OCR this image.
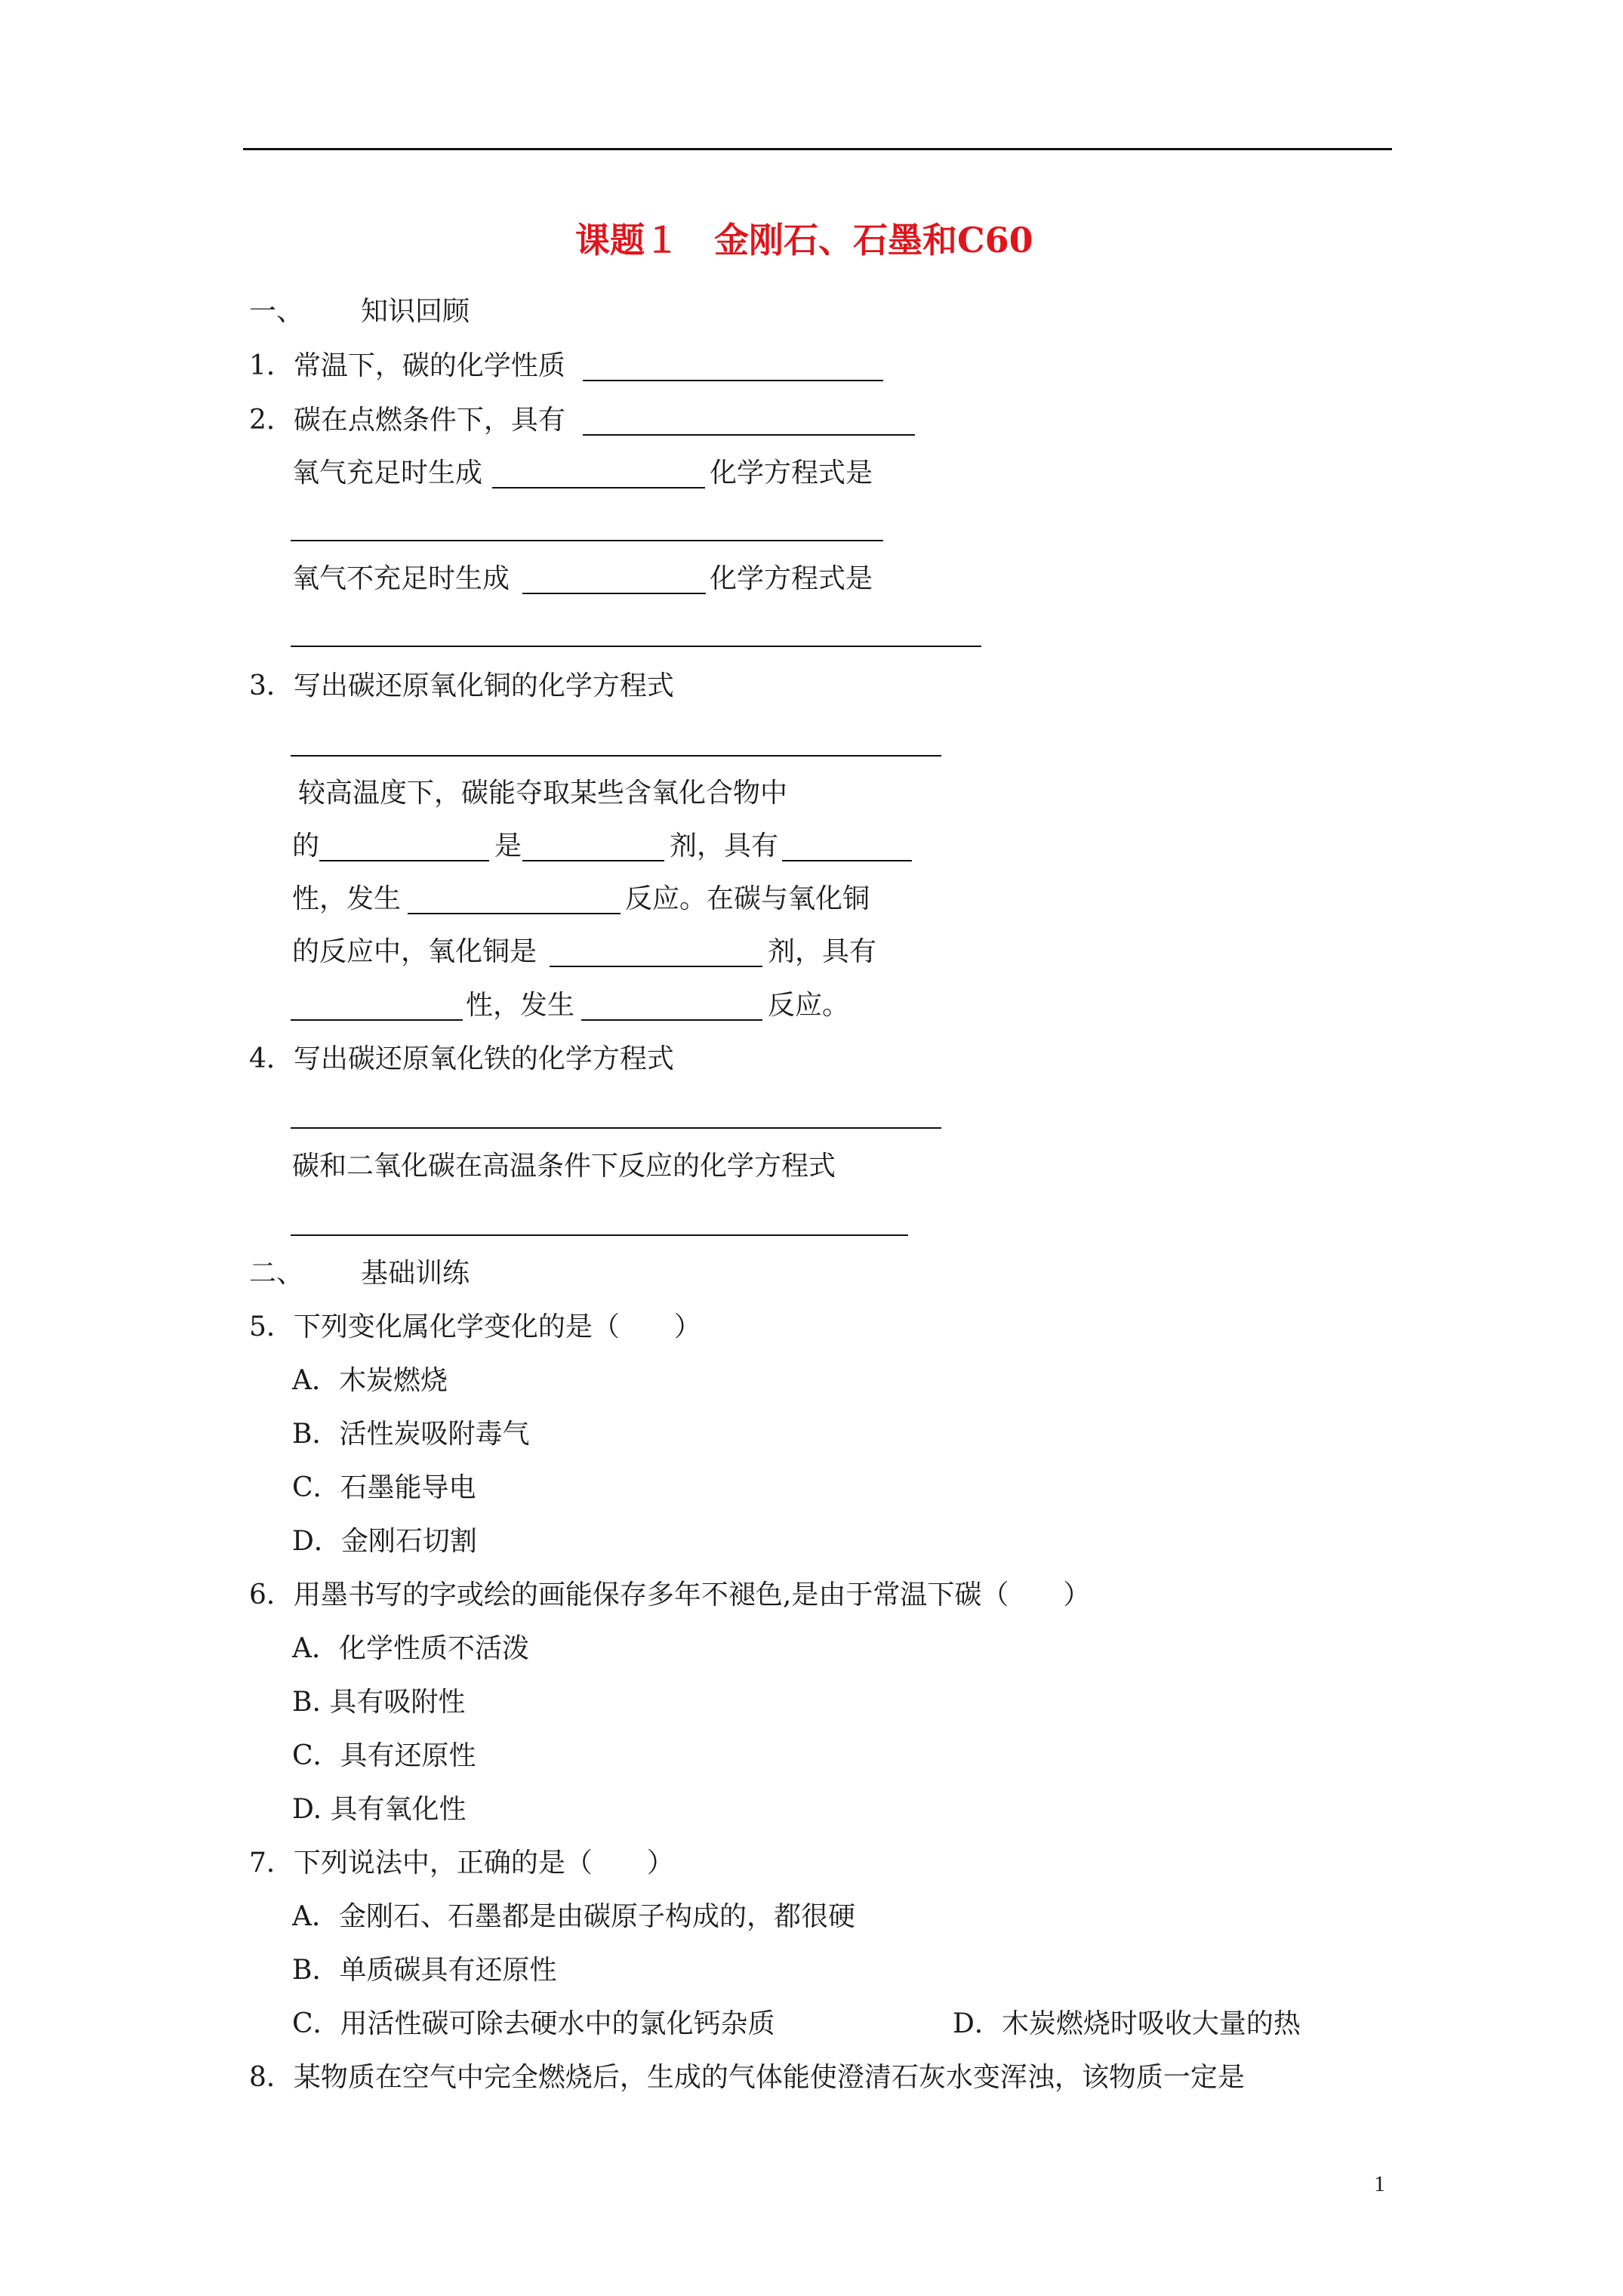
课题１　金刚石、石墨和C60
一、 知识回顾
1．常温下，碳的化学性质
2．碳在点燃条件下，具有
氧气充足时生成	化学方程式是
氧气不充足时生成	化学方程式是
3．写出碳还原氧化铜的化学方程式
较高温度下，碳能夺取某些含氧化合物中
的	是	剂，具有
性，发生	反应。在碳与氧化铜
的反应中，氧化铜是	剂，具有
性，发生	反应。
4．写出碳还原氧化铁的化学方程式
碳和二氧化碳在高温条件下反应的化学方程式
二、 基础训练
5．下列变化属化学变化的是（　　）
A．木炭燃烧
B．活性炭吸附毒气
C．石墨能导电
D．金刚石切割
6．用墨书写的字或绘的画能保存多年不褪色,是由于常温下碳（　　）
A．化学性质不活泼
B. 具有吸附性
C．具有还原性
D. 具有氧化性
7．下列说法中，正确的是（　　）
A．金刚石、石墨都是由碳原子构成的，都很硬
B．单质碳具有还原性
C．用活性碳可除去硬水中的氯化钙杂质	D．木炭燃烧时吸收大量的热
8．某物质在空气中完全燃烧后，生成的气体能使澄清石灰水变浑浊，该物质一定是
1
